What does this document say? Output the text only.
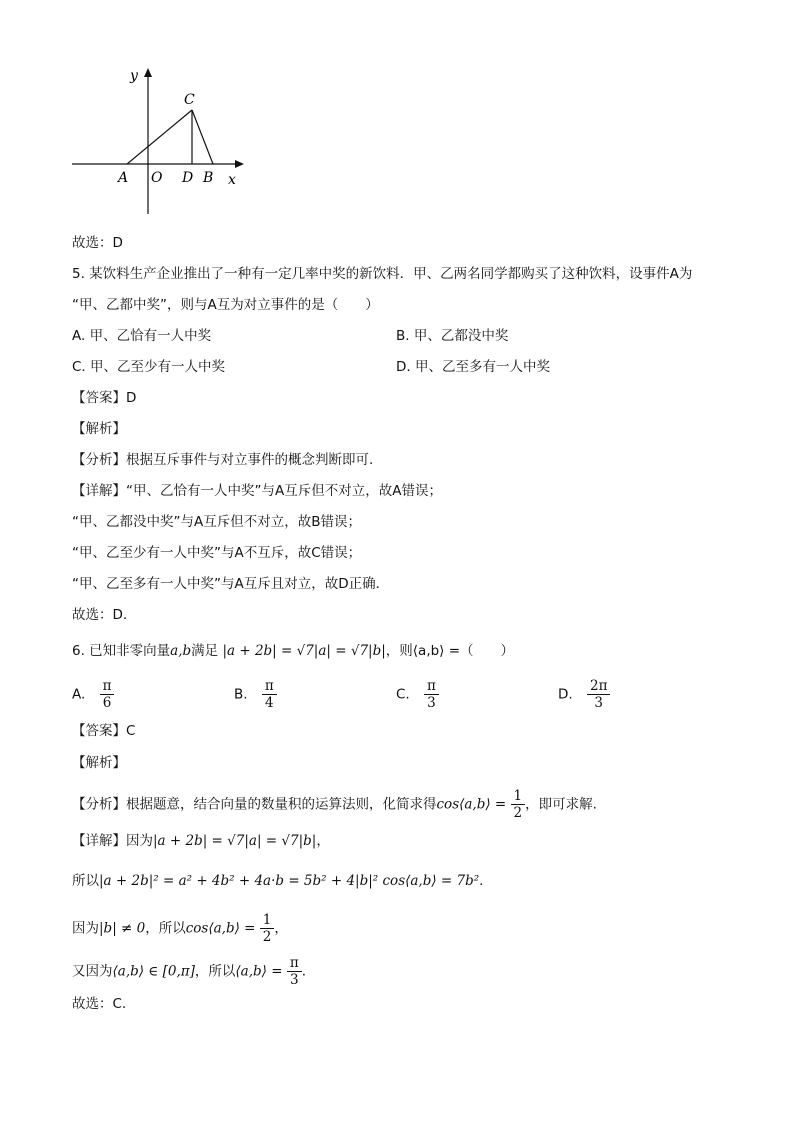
y
C
A O D B x
故选：D
5. 某饮料生产企业推出了一种有一定几率中奖的新饮料．甲、乙两名同学都购买了这种饮料，设事件A为
“甲、乙都中奖”，则与A互为对立事件的是（　　）
A. 甲、乙恰有一人中奖	B. 甲、乙都没中奖
C. 甲、乙至少有一人中奖	D. 甲、乙至多有一人中奖
【答案】D
【解析】
【分析】根据互斥事件与对立事件的概念判断即可.
【详解】“甲、乙恰有一人中奖”与A互斥但不对立，故A错误；
“甲、乙都没中奖”与A互斥但不对立，故B错误；
“甲、乙至少有一人中奖”与A不互斥，故C错误；
“甲、乙至多有一人中奖”与A互斥且对立，故D正确．
故选：D.
6. 已知非零向量a,b满足 |a + 2b| = √7|a| = √7|b|，则⟨a,b⟩ =（　　）
A. $\frac{\pi}{6}$	B. $\frac{\pi}{4}$	C. $\frac{\pi}{3}$	D. $\frac{2\pi}{3}$
【答案】C
【解析】
【分析】根据题意，结合向量的数量积的运算法则，化简求得cos⟨a,b⟩ = $\frac{1}{2}$ ，即可求解.
【详解】因为|a + 2b| = √7|a| = √7|b|，
所以|a + 2b|² = a² + 4b² + 4a·b = 5b² + 4|b|² cos⟨a,b⟩ = 7b².
因为|b| ≠ 0，所以cos⟨a,b⟩ = $\frac{1}{2}$ ，
又因为⟨a,b⟩ ∈ [0,π]，所以⟨a,b⟩ = $\frac{\pi}{3}$ .
故选：C.
